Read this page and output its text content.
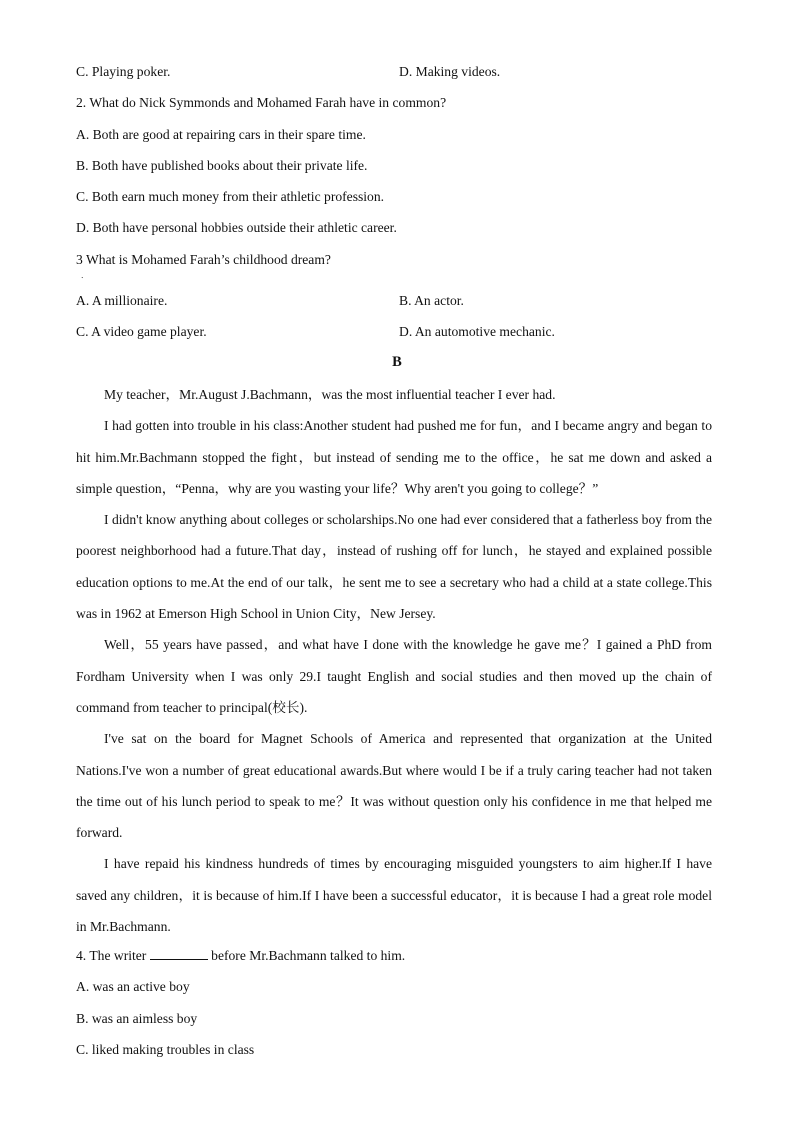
C. Playing poker.	D. Making videos.
2. What do Nick Symmonds and Mohamed Farah have in common?
A. Both are good at repairing cars in their spare time.
B. Both have published books about their private life.
C. Both earn much money from their athletic profession.
D. Both have personal hobbies outside their athletic career.
3 What is Mohamed Farah’s childhood dream?
．
A. A millionaire.	B. An actor.
C. A video game player.	D. An automotive mechanic.
B

My teacher，Mr.August J.Bachmann，was the most influential teacher I ever had.

I had gotten into trouble in his class:Another student had pushed me for fun，and I became angry and began to hit him.Mr.Bachmann stopped the fight，but instead of sending me to the office，he sat me down and asked a simple question，“Penna，why are you wasting your life？Why aren't you going to college？”

I didn't know anything about colleges or scholarships.No one had ever considered that a fatherless boy from the poorest neighborhood had a future.That day，instead of rushing off for lunch，he stayed and explained possible education options to me.At the end of our talk，he sent me to see a secretary who had a child at a state college.This was in 1962 at Emerson High School in Union City，New Jersey.

Well，55 years have passed，and what have I done with the knowledge he gave me？I gained a PhD from Fordham University when I was only 29.I taught English and social studies and then moved up the chain of command from teacher to principal(校长).

I've sat on the board for Magnet Schools of America and represented that organization at the United Nations.I've won a number of great educational awards.But where would I be if a truly caring teacher had not taken the time out of his lunch period to speak to me？It was without question only his confidence in me that helped me forward.

I have repaid his kindness hundreds of times by encouraging misguided youngsters to aim higher.If I have saved any children，it is because of him.If I have been a successful educator，it is because I had a great role model in Mr.Bachmann.

4. The writer	before Mr.Bachmann talked to him.
A. was an active boy
B. was an aimless boy
C. liked making troubles in class
